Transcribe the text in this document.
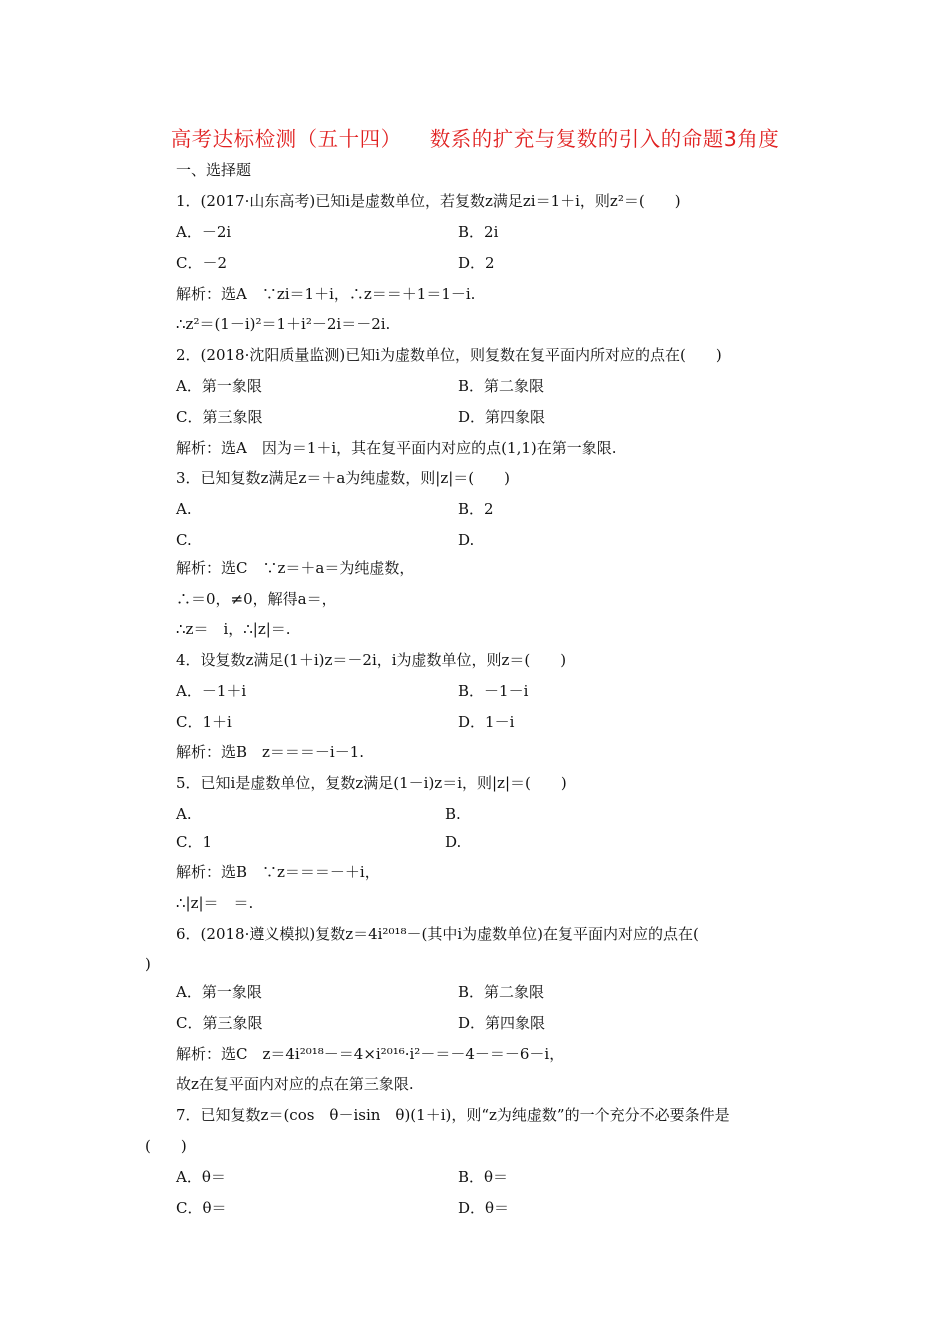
高考达标检测（五十四）    数系的扩充与复数的引入的命题3角度
一、选择题
1．(2017·山东高考)已知i是虚数单位，若复数z满足zi＝1＋i，则z²＝(　　)
A．－2i	B．2i
C．－2	D．2
解析：选A　∵zi＝1＋i，∴z＝＝＋1＝1－i.
∴z²＝(1－i)²＝1＋i²－2i＝－2i.
2．(2018·沈阳质量监测)已知i为虚数单位，则复数在复平面内所对应的点在(　　)
A．第一象限	B．第二象限
C．第三象限	D．第四象限
解析：选A　因为＝1＋i，其在复平面内对应的点(1,1)在第一象限.
3．已知复数z满足z＝＋a为纯虚数，则|z|＝(　　)
A.	B．2
C.	D.
解析：选C　∵z＝＋a＝为纯虚数，
∴＝0，≠0，解得a＝，
∴z＝　i，∴|z|＝.
4．设复数z满足(1＋i)z＝－2i，i为虚数单位，则z＝(　　)
A．－1＋i	B．－1－i
C．1＋i	D．1－i
解析：选B　z＝＝＝－i－1.
5．已知i是虚数单位，复数z满足(1－i)z＝i，则|z|＝(　　)
A.	B.
C．1	D.
解析：选B　∵z＝＝＝－＋i，
∴|z|＝　＝.
6．(2018·遵义模拟)复数z＝4i²⁰¹⁸－(其中i为虚数单位)在复平面内对应的点在(
)
A．第一象限	B．第二象限
C．第三象限	D．第四象限
解析：选C　z＝4i²⁰¹⁸－＝4×i²⁰¹⁶·i²－＝－4－＝－6－i，
故z在复平面内对应的点在第三象限.
7．已知复数z＝(cos　θ－isin　θ)(1＋i)，则“z为纯虚数”的一个充分不必要条件是
(　　)
A．θ＝	B．θ＝
C．θ＝	D．θ＝
